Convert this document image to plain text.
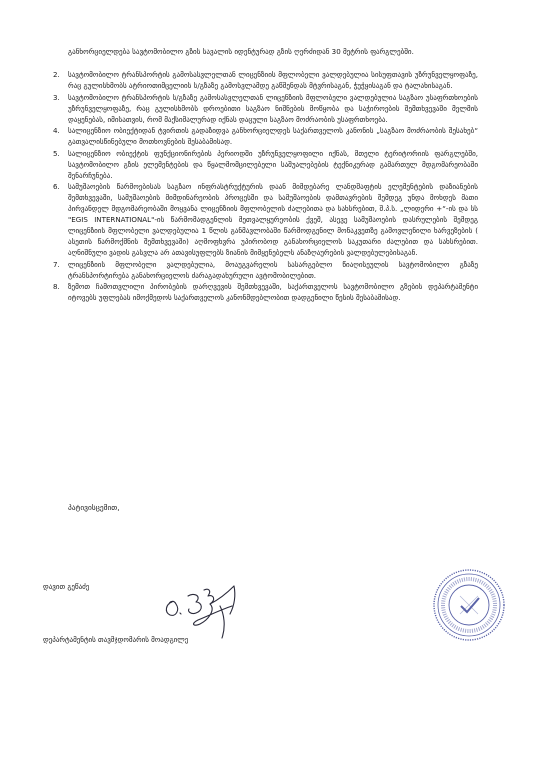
განხორციელდება სავტომობილო გზის სავალის იდენტურად გზის ღერძიდან 30 მეტრის ფარგლებში.

2.	სავტომობილო ტრანსპორტის გამოსასვლელთან ლიცენზიის მფლობელი ვალდებულია სისუფთავის უზრუნველყოფაზე, რაც გულისხმობს ატრიოთიმცელიის ს/გზაზე გამოსვლამდე გაწმენდას მტვრისაგან, ჭუჭყისაგან და ტალახისაგან.
3.	სავტომობილო ტრანსპორტის ს/გზაზე გამოსასვლელთან ლიცენზიის მფლობელი ვალდებულია საგზაო უსაფრთხოების უზრუნველყოფაზე, რაც გულისხმობს დროებითი საგზაო ნიშნების მოწყობა და საჭიროების შემთხვევაში მელმის დაყენებას, იმისათვის, რომ მაქსიმალურად იქნას დაცული საგზაო მოძრაობის უსაფრთხოება.
4.	სალიცენზიო ობიექტიდან ტვირთის გადაზიდვა განხორციელდეს საქართველოს კანონის „საგზაო მოძრაობის შესახებ“ გათვალისწინებული მოთხოვნების შესაბამისად.
5.	სალიცენზიო ობიექტის ფუნქციონირების პერიოდში უზრუნველყოფილი იქნას, მთელი ტერიტორიის ფარგლებში, სავტომობილო გზის ელემენტების და წყალმომცილებელი საშუალებების ტექნიკურად გამართულ მდგომარეობაში შენარჩუნება.
6.	სამუშაოების წარმოებისას საგზაო ინფრასტრუქტურის დაან მიმდებარე ლანდშაფტის ელემენტების დაზიანების შემთხვევაში, სამუშაოების მიმდინარეობის პროცესში და სამუშაოების დამთავრების შემდეგ უნდა მოხდეს მათი პირვანდელ მდგომარეობაში მოყვანა ლიცენზიის მფლობელის ძალებითა და სახსრებით, შ.პ.ს. „ლიდერი +“-ის და სს "EGIS INTERNATIONAL"-ის წარმომადგენლის მეთვალყურეობის ქვეშ, ასევე სამუშაოების დასრულების შემდეგ ლიცენზიის მფლობელი ვალდებულია 1 წლის განმავლობაში წარმოდგენილ მონაკვეთზე გამოვლენილი ხარვეზების ( ასეთის წარმოქმნის შემთხვევაში) აღმოფხვრა უპირობოდ განახორციელოს საკუთარი ძალებით და სახსრებით. აღნიშნული ვადის გასვლა არ ათავისუფლებს ზიანის მიმყენებელს ანაზღაურების ვალდებულებისაგან.
7.	ლიცენზიის მფლობელი ვალდებულია, მოაუგვარელის სასარგებლო წიაღისეულის სავტომობილო გზაზე ტრანსპორტირება განახორციელოს ძარაგადახურული ავტომობილებით.
8.	ზემოთ ჩამოთვლილი პირობების დარღვევის შემთხვევაში, საქართველოს სავტომობილო გზების დეპარტამენტი იტოვებს უფლებას იმოქმედოს საქართველოს კანონმდებლობით დადგენილი წესის შესაბამისად.

პატივისცემით,

დავით გეწაძე

დეპარტამენტის თავმჯდომარის მოადგილე
